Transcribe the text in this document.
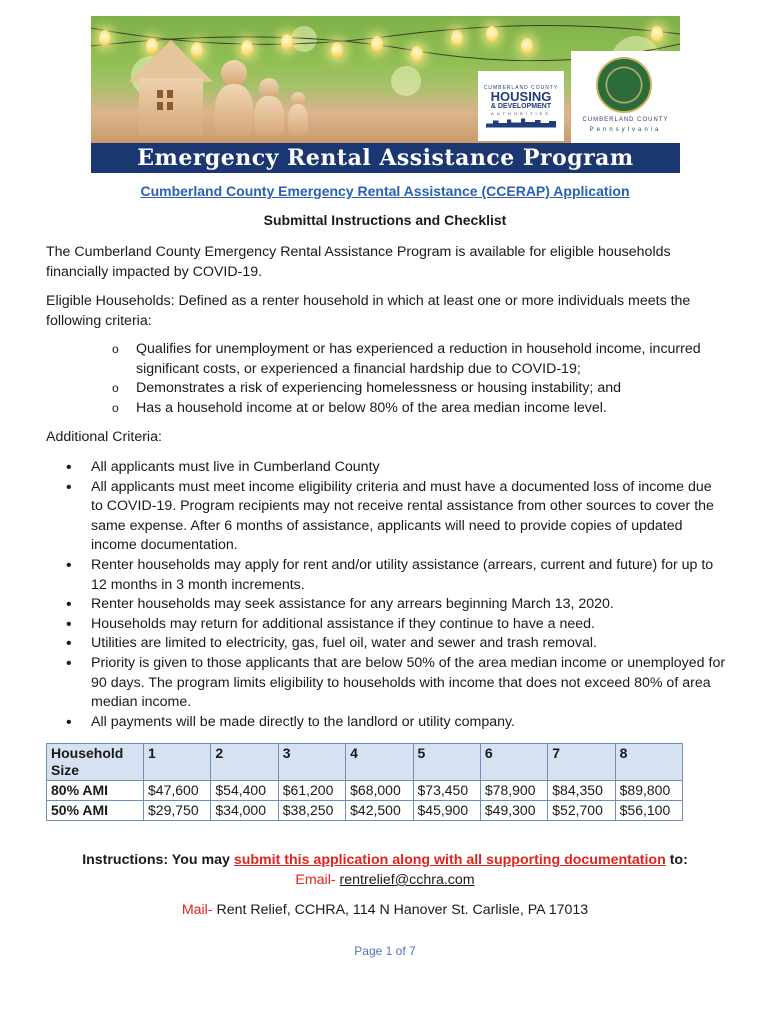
CUMBERLAND COUNTY
HOUSING
& DEVELOPMENT
AUTHORITIES
CUMBERLAND COUNTY
Pennsylvania
Emergency Rental Assistance Program
Cumberland County Emergency Rental Assistance (CCERAP) Application
Submittal Instructions and Checklist
The Cumberland County Emergency Rental Assistance Program is available for eligible households financially impacted by COVID-19.
Eligible Households: Defined as a renter household in which at least one or more individuals meets the following criteria:
o Qualifies for unemployment or has experienced a reduction in household income, incurred significant costs, or experienced a financial hardship due to COVID-19;
o Demonstrates a risk of experiencing homelessness or housing instability; and
o Has a household income at or below 80% of the area median income level.
Additional Criteria:
• All applicants must live in Cumberland County
• All applicants must meet income eligibility criteria and must have a documented loss of income due to COVID-19. Program recipients may not receive rental assistance from other sources to cover the same expense. After 6 months of assistance, applicants will need to provide copies of updated income documentation.
• Renter households may apply for rent and/or utility assistance (arrears, current and future) for up to 12 months in 3 month increments.
• Renter households may seek assistance for any arrears beginning March 13, 2020.
• Households may return for additional assistance if they continue to have a need.
• Utilities are limited to electricity, gas, fuel oil, water and sewer and trash removal.
• Priority is given to those applicants that are below 50% of the area median income or unemployed for 90 days. The program limits eligibility to households with income that does not exceed 80% of area median income.
• All payments will be made directly to the landlord or utility company.
Household Size	1	2	3	4	5	6	7	8
80% AMI	$47,600	$54,400	$61,200	$68,000	$73,450	$78,900	$84,350	$89,800
50% AMI	$29,750	$34,000	$38,250	$42,500	$45,900	$49,300	$52,700	$56,100
Instructions: You may submit this application along with all supporting documentation to:
Email- rentrelief@cchra.com
Mail- Rent Relief, CCHRA, 114 N Hanover St. Carlisle, PA 17013
Page 1 of 7
